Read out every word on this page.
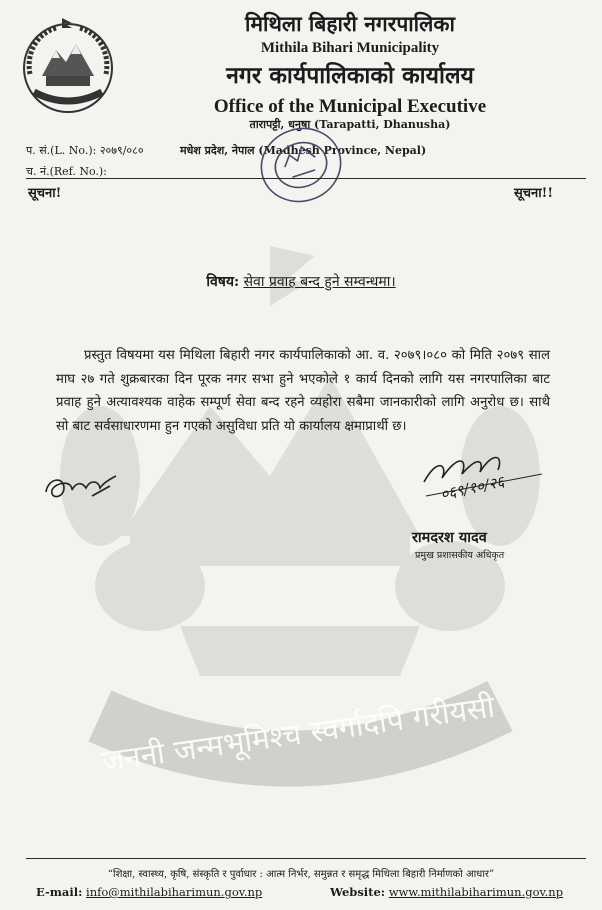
मिथिला बिहारी नगरपालिका
Mithila Bihari Municipality
नगर कार्यपालिकाको कार्यालय
Office of the Municipal Executive
तारापट्टी, धनुषा (Tarapatti, Dhanusha)
प. सं.(L. No.): २०७९/०८०	मधेश प्रदेश, नेपाल (Madhesh Province, Nepal)
च. नं.(Ref. No.):
सूचना!	सूचना!!
जननी जन्मभूमिश्च स्वर्गादपि गरीयसी
विषय: सेवा प्रवाह बन्द हुने सम्वन्धमा।
प्रस्तुत विषयमा यस मिथिला बिहारी नगर कार्यपालिकाको आ. व. २०७९।०८० को मिति २०७९ साल माघ २७ गते शुक्रबारका दिन पूरक नगर सभा हुने भएकोले १ कार्य दिनको लागि यस नगरपालिका बाट प्रवाह हुने अत्यावश्यक वाहेक सम्पूर्ण सेवा बन्द रहने व्यहोरा सबैमा जानकारीको लागि अनुरोध छ। साथै सो बाट सर्वसाधारणमा हुन गएको असुविधा प्रति यो कार्यालय क्षमाप्रार्थी छ।
०६९/१०/२६
रामदरश यादव
प्रमुख प्रशासकीय अधिकृत
“शिक्षा, स्वास्थ्य, कृषि, संस्कृति र पुर्वाधार : आत्म निर्भर, समुन्नत र समृद्ध मिथिला बिहारी निर्माणको आधार”
E-mail: info@mithilabiharimun.gov.np	Website: www.mithilabiharimun.gov.np
